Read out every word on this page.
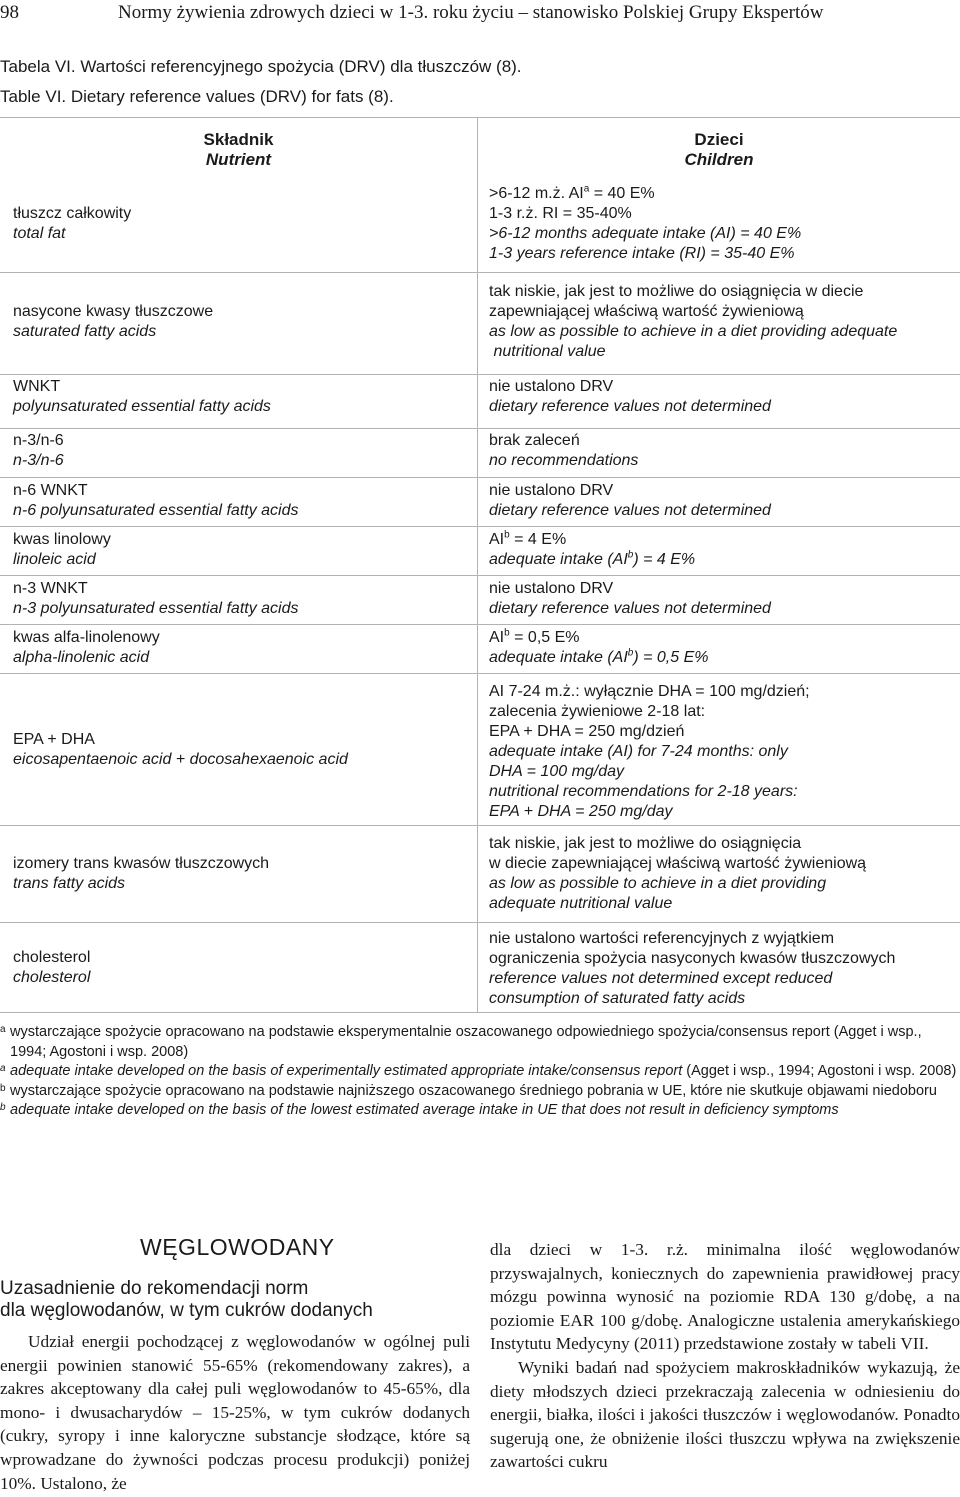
98	Normy żywienia zdrowych dzieci w 1-3. roku życiu – stanowisko Polskiej Grupy Ekspertów
Tabela VI. Wartości referencyjnego spożycia (DRV) dla tłuszczów (8).
Table VI. Dietary reference values (DRV) for fats (8).
Składnik
Nutrient
Dzieci
Children
tłuszcz całkowity
total fat
>6-12 m.ż. $AI^a = 40$ E%
1-3 r.ż. RI = 35-40%
>6-12 months adequate intake (AI) = 40 E%
1-3 years reference intake (RI) = 35-40 E%
nasycone kwasy tłuszczowe
saturated fatty acids
tak niskie, jak jest to możliwe do osiągnięcia w diecie
zapewniającej właściwą wartość żywieniową
as low as possible to achieve in a diet providing adequate
nutritional value
WNKT
polyunsaturated essential fatty acids
nie ustalono DRV
dietary reference values not determined
n-3/n-6
n-3/n-6
brak zaleceń
no recommendations
n-6 WNKT
n-6 polyunsaturated essential fatty acids
nie ustalono DRV
dietary reference values not determined
kwas linolowy
linoleic acid
$AI^b = 4$ E%
adequate intake $(AI^b) = 4$ E%
n-3 WNKT
n-3 polyunsaturated essential fatty acids
nie ustalono DRV
dietary reference values not determined
kwas alfa-linolenowy
alpha-linolenic acid
$AI^b = 0,5$ E%
adequate intake $(AI^b) = 0,5$ E%
EPA + DHA
eicosapentaenoic acid + docosahexaenoic acid
AI 7-24 m.ż.: wyłącznie DHA = 100 mg/dzień;
zalecenia żywieniowe 2-18 lat:
EPA + DHA = 250 mg/dzień
adequate intake (AI) for 7-24 months: only
DHA = 100 mg/day
nutritional recommendations for 2-18 years:
EPA + DHA = 250 mg/day
izomery trans kwasów tłuszczowych
trans fatty acids
tak niskie, jak jest to możliwe do osiągnięcia
w diecie zapewniającej właściwą wartość żywieniową
as low as possible to achieve in a diet providing
adequate nutritional value
cholesterol
cholesterol
nie ustalono wartości referencyjnych z wyjątkiem
ograniczenia spożycia nasyconych kwasów tłuszczowych
reference values not determined except reduced
consumption of saturated fatty acids
a wystarczające spożycie opracowano na podstawie eksperymentalnie oszacowanego odpowiedniego spożycia/consensus report (Agget i wsp., 1994; Agostoni i wsp. 2008)
a adequate intake developed on the basis of experimentally estimated appropriate intake/consensus report (Agget i wsp., 1994; Agostoni i wsp. 2008)
b wystarczające spożycie opracowano na podstawie najniższego oszacowanego średniego pobrania w UE, które nie skutkuje objawami niedoboru
b adequate intake developed on the basis of the lowest estimated average intake in UE that does not result in deficiency symptoms
WĘGLOWODANY
Uzasadnienie do rekomendacji norm
dla węglowodanów, w tym cukrów dodanych

Udział energii pochodzącej z węglowodanów w ogólnej puli energii powinien stanowić 55-65% (rekomendowany zakres), a zakres akceptowany dla całej puli węglowodanów to 45-65%, dla mono- i dwusacharydów – 15-25%, w tym cukrów dodanych (cukry, syropy i inne kaloryczne substancje słodzące, które są wprowadzane do żywności podczas procesu produkcji) poniżej 10%. Ustalono, że

dla dzieci w 1-3. r.ż. minimalna ilość węglowodanów przyswajalnych, koniecznych do zapewnienia prawidłowej pracy mózgu powinna wynosić na poziomie RDA 130 g/dobę, a na poziomie EAR 100 g/dobę. Analogiczne ustalenia amerykańskiego Instytutu Medycyny (2011) przedstawione zostały w tabeli VII.

Wyniki badań nad spożyciem makroskładników wykazują, że diety młodszych dzieci przekraczają zalecenia w odniesieniu do energii, białka, ilości i jakości tłuszczów i węglowodanów. Ponadto sugerują one, że obniżenie ilości tłuszczu wpływa na zwiększenie zawartości cukru
